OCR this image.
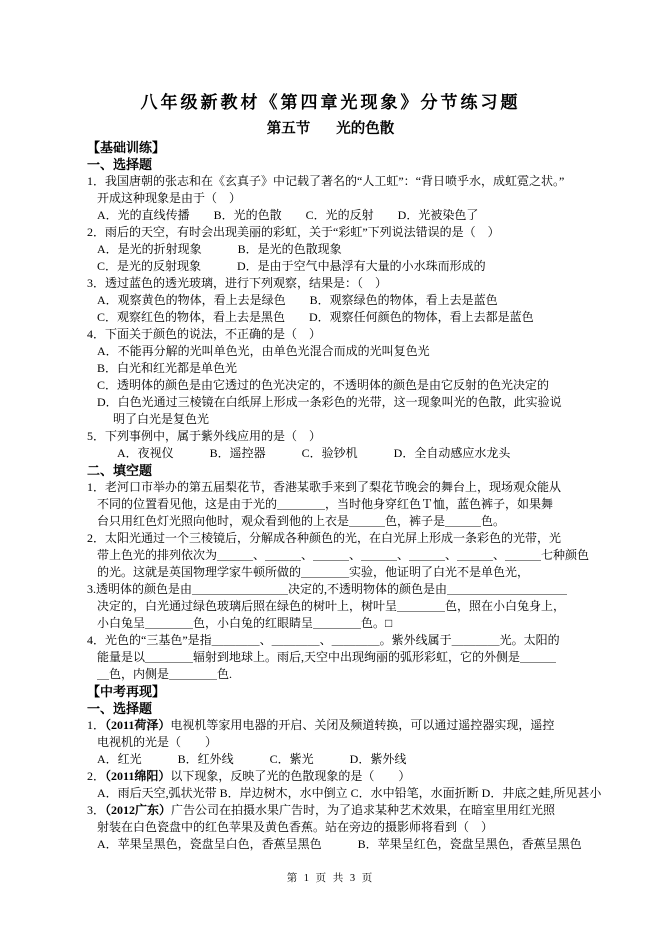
八年级新教材《第四章光现象》分节练习题
第五节 光的色散
【基础训练】
一、选择题
1．我国唐朝的张志和在《玄真子》中记载了著名的“人工虹”：“背日喷乎水，成虹霓之状。”
开成这种现象是由于（　）
A．光的直线传播　　B．光的色散　　C．光的反射　　D．光被染色了
2．雨后的天空，有时会出现美丽的彩虹，关于“彩虹”下列说法错误的是（　）
A．是光的折射现象　　　B．是光的色散现象
C．是光的反射现象　　　D．是由于空气中悬浮有大量的小水珠而形成的
3．透过蓝色的透光玻璃，进行下列观察，结果是：（　）
A．观察黄色的物体，看上去是绿色　　B．观察绿色的物体，看上去是蓝色
C．观察红色的物体，看上去是黑色　　D．观察任何颜色的物体，看上去都是蓝色
4．下面关于颜色的说法，不正确的是（　）
A．不能再分解的光叫单色光，由单色光混合而成的光叫复色光
B．白光和红光都是单色光
C．透明体的颜色是由它透过的色光决定的，不透明体的颜色是由它反射的色光决定的
D．白色光通过三棱镜在白纸屏上形成一条彩色的光带，这一现象叫光的色散，此实验说
明了白光是复色光
5．下列事例中，属于紫外线应用的是（　）
A．夜视仪　　　B．遥控器　　　C．验钞机　　　D．全自动感应水龙头
二、填空题
1．老河口市举办的第五届梨花节，香港某歌手来到了梨花节晚会的舞台上，现场观众能从
不同的位置看见他，这是由于光的＿＿＿＿，当时他身穿红色Ｔ恤，蓝色裤子，如果舞
台只用红色灯光照向他时，观众看到他的上衣是＿＿＿色，裤子是＿＿＿色。
2．太阳光通过一个三棱镜后，分解成各种颜色的光，在白光屏上形成一条彩色的光带，光
带上色光的排列依次为＿＿＿、＿＿＿、＿＿＿、＿＿＿、＿＿＿、＿＿＿、＿＿＿七种颜色
的光。这就是英国物理学家牛顿所做的＿＿＿＿实验，他证明了白光不是单色光，
3.透明体的颜色是由＿＿＿＿＿＿＿＿决定的,不透明物体的颜色是由＿＿＿＿＿＿＿＿＿＿
决定的，白光通过绿色玻璃后照在绿色的树叶上，树叶呈＿＿＿＿色，照在小白兔身上，
小白兔呈＿＿＿＿色，小白兔的红眼睛呈＿＿＿＿色。□
4．光色的“三基色”是指＿＿＿＿、＿＿＿＿、＿＿＿＿。紫外线属于＿＿＿＿光。太阳的
能量是以＿＿＿＿辐射到地球上。雨后,天空中出现绚丽的弧形彩虹，它的外侧是＿＿＿
＿色，内侧是＿＿＿＿色.
【中考再现】
一、选择题
1．（2011荷泽）电视机等家用电器的开启、关闭及频道转换，可以通过遥控器实现，遥控
电视机的光是（　　）
A．红光　　　B．红外线　　　C．紫光　　　D．紫外线
2．（2011绵阳）以下现象，反映了光的色散现象的是（　　）
A．雨后天空,弧状光带 B．岸边树木，水中倒立 C．水中铅笔，水面折断 D．井底之蛙,所见甚小
3．（2012广东）广告公司在拍摄水果广告时，为了追求某种艺术效果，在暗室里用红光照
射装在白色瓷盘中的红色苹果及黄色香蕉。站在旁边的摄影师将看到（　）
A．苹果呈黑色，瓷盘呈白色，香蕉呈黑色　　　B．苹果呈红色，瓷盘呈黑色，香蕉呈黑色
第 1 页 共 3 页
